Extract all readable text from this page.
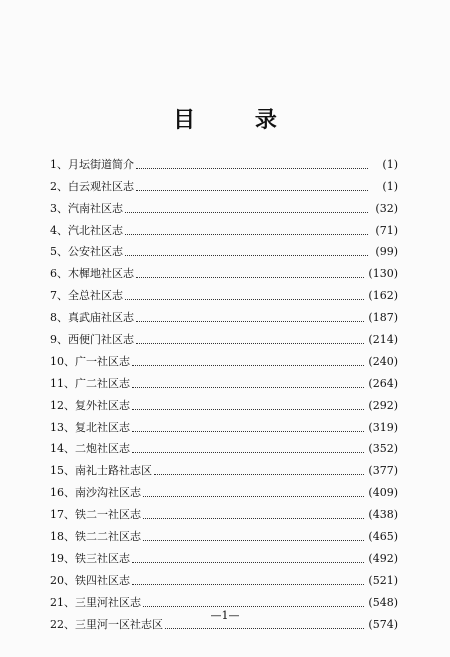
目 录
1、 月坛街道简介	(1)
2、 白云观社区志	(1)
3、 汽南社区志	(32)
4、 汽北社区志	(71)
5、 公安社区志	(99)
6、 木樨地社区志	(130)
7、 全总社区志	(162)
8、 真武庙社区志	(187)
9、 西便门社区志	(214)
10、 广一社区志	(240)
11、 广二社区志	(264)
12、 复外社区志	(292)
13、 复北社区志	(319)
14、 二炮社区志	(352)
15、 南礼士路社志区	(377)
16、 南沙沟社区志	(409)
17、 铁二一社区志	(438)
18、 铁二二社区志	(465)
19、 铁三社区志	(492)
20、 铁四社区志	(521)
21、 三里河社区志	(548)
22、 三里河一区社志区	(574)
—1—
